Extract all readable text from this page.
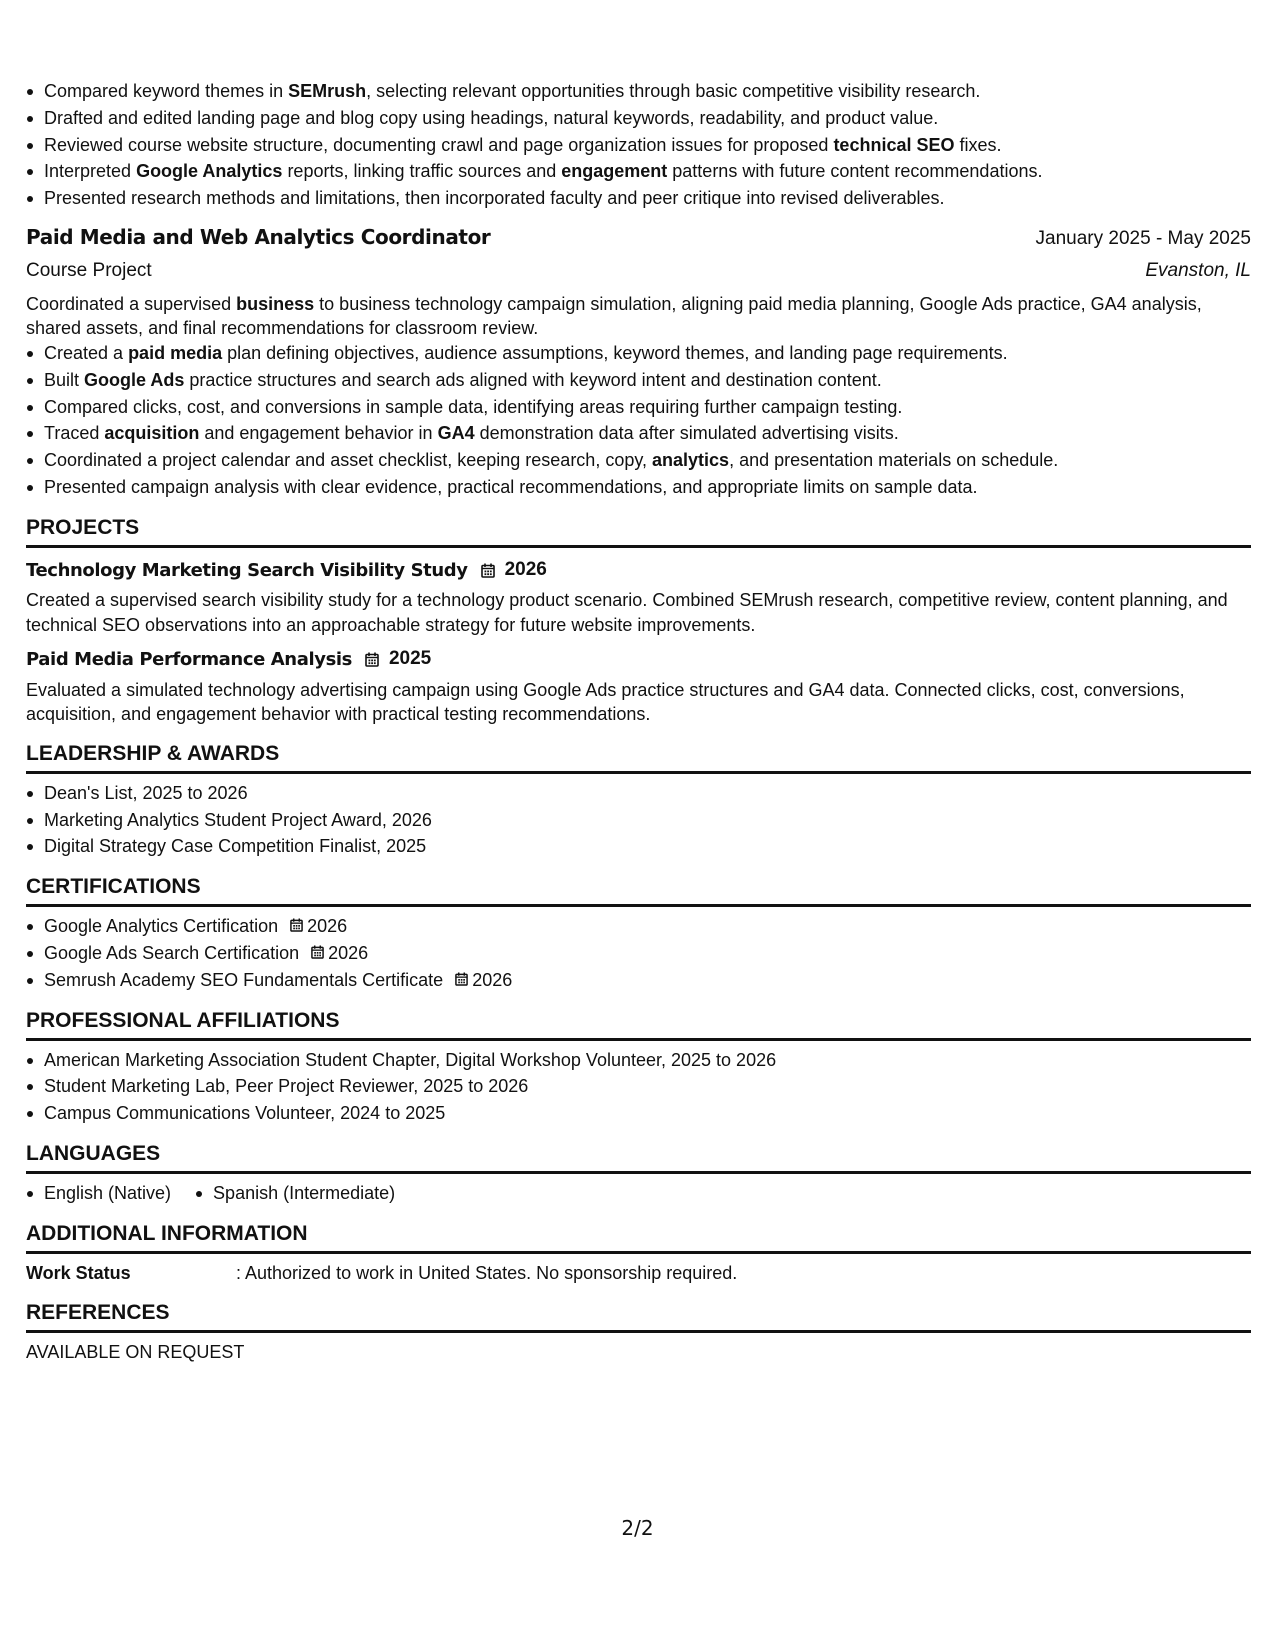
Compared keyword themes in SEMrush, selecting relevant opportunities through basic competitive visibility research.
Drafted and edited landing page and blog copy using headings, natural keywords, readability, and product value.
Reviewed course website structure, documenting crawl and page organization issues for proposed technical SEO fixes.
Interpreted Google Analytics reports, linking traffic sources and engagement patterns with future content recommendations.
Presented research methods and limitations, then incorporated faculty and peer critique into revised deliverables.
Paid Media and Web Analytics Coordinator	January 2025 - May 2025
Course Project	Evanston, IL
Coordinated a supervised business to business technology campaign simulation, aligning paid media planning, Google Ads practice, GA4 analysis, shared assets, and final recommendations for classroom review.
Created a paid media plan defining objectives, audience assumptions, keyword themes, and landing page requirements.
Built Google Ads practice structures and search ads aligned with keyword intent and destination content.
Compared clicks, cost, and conversions in sample data, identifying areas requiring further campaign testing.
Traced acquisition and engagement behavior in GA4 demonstration data after simulated advertising visits.
Coordinated a project calendar and asset checklist, keeping research, copy, analytics, and presentation materials on schedule.
Presented campaign analysis with clear evidence, practical recommendations, and appropriate limits on sample data.
PROJECTS
Technology Marketing Search Visibility Study 2026
Created a supervised search visibility study for a technology product scenario. Combined SEMrush research, competitive review, content planning, and technical SEO observations into an approachable strategy for future website improvements.
Paid Media Performance Analysis 2025
Evaluated a simulated technology advertising campaign using Google Ads practice structures and GA4 data. Connected clicks, cost, conversions, acquisition, and engagement behavior with practical testing recommendations.
LEADERSHIP & AWARDS
Dean's List, 2025 to 2026
Marketing Analytics Student Project Award, 2026
Digital Strategy Case Competition Finalist, 2025
CERTIFICATIONS
Google Analytics Certification 2026
Google Ads Search Certification 2026
Semrush Academy SEO Fundamentals Certificate 2026
PROFESSIONAL AFFILIATIONS
American Marketing Association Student Chapter, Digital Workshop Volunteer, 2025 to 2026
Student Marketing Lab, Peer Project Reviewer, 2025 to 2026
Campus Communications Volunteer, 2024 to 2025
LANGUAGES
English (Native) Spanish (Intermediate)
ADDITIONAL INFORMATION
Work Status	: Authorized to work in United States. No sponsorship required.
REFERENCES
AVAILABLE ON REQUEST
2/2
